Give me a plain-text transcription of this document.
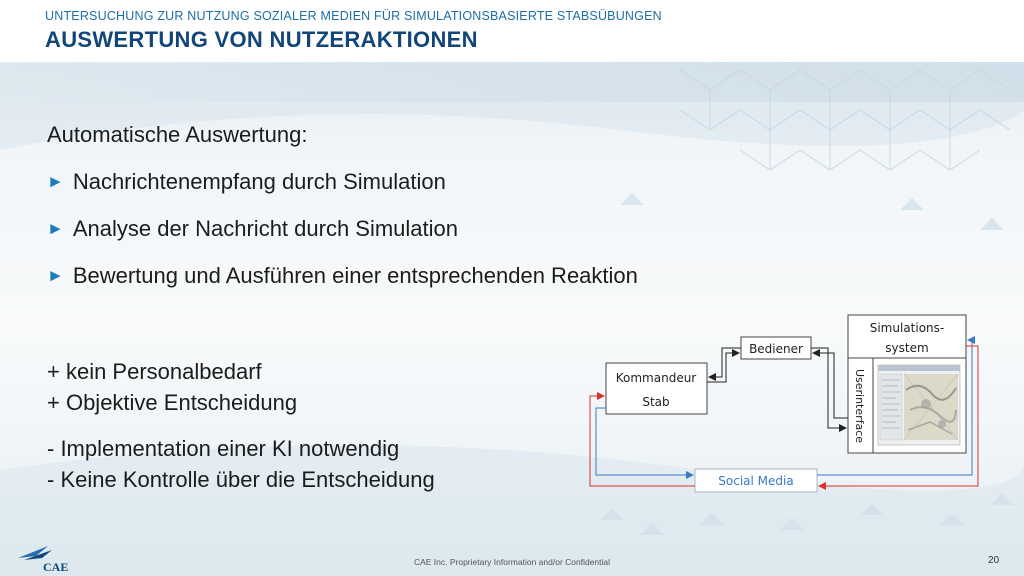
UNTERSUCHUNG ZUR NUTZUNG SOZIALER MEDIEN FÜR SIMULATIONSBASIERTE STABSÜBUNGEN
AUSWERTUNG VON NUTZERAKTIONEN
Automatische Auswertung:
► Nachrichtenempfang durch Simulation
► Analyse der Nachricht durch Simulation
► Bewertung und Ausführen einer entsprechenden Reaktion
+ kein Personalbedarf
+ Objektive Entscheidung
- Implementation einer KI notwendig
- Keine Kontrolle über die Entscheidung
Kommandeur
Stab
Bediener
Simulations-
system
Userinterface
Social Media
CAE	CAE Inc. Proprietary Information and/or Confidential	20
